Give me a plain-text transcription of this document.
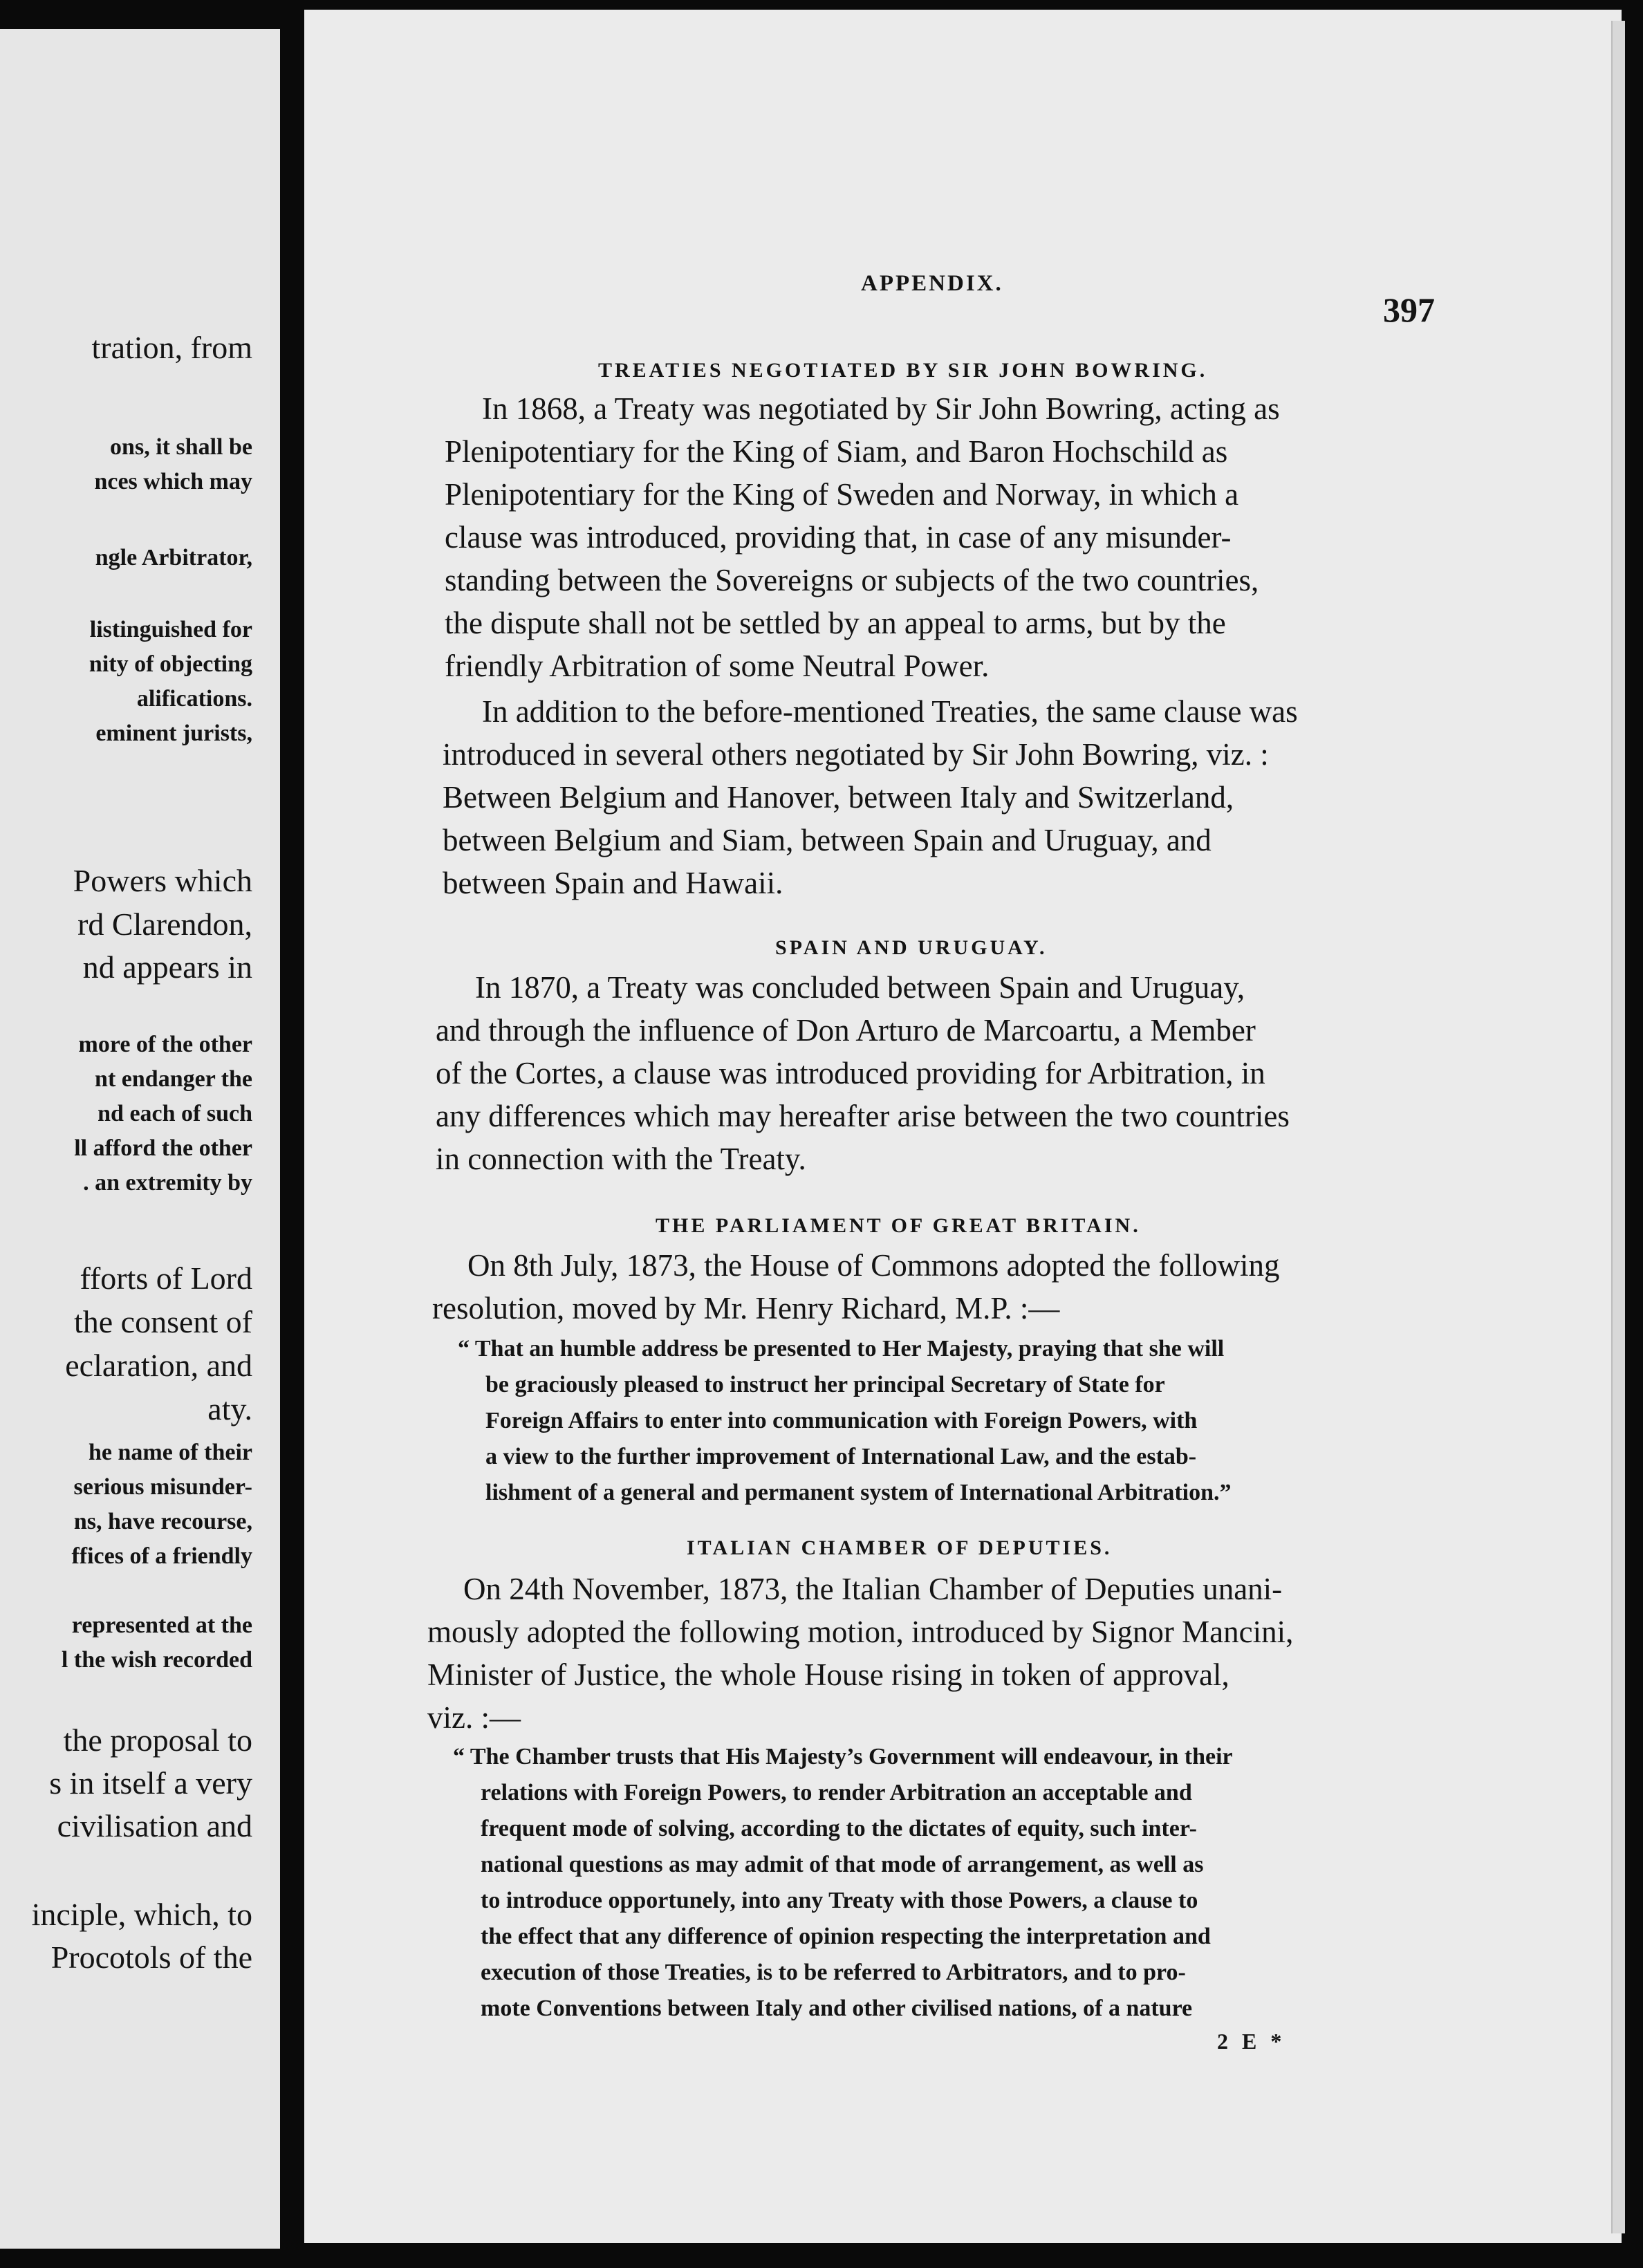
tration, from
ons, it shall be
nces which may
ngle Arbitrator,
listinguished for
nity of objecting
alifications.
eminent jurists,
Powers which
rd Clarendon,
nd appears in
more of the other
nt endanger the
nd each of such
ll afford the other
. an extremity by
fforts of Lord
the consent of
eclaration, and
aty.
he name of their
serious misunder-
ns, have recourse,
ffices of a friendly
represented at the
l the wish recorded
the proposal to
s in itself a very
civilisation and
inciple, which, to
Procotols of the
APPENDIX.
397
TREATIES NEGOTIATED BY SIR JOHN BOWRING.
In 1868, a Treaty was negotiated by Sir John Bowring, acting as
Plenipotentiary for the King of Siam, and Baron Hochschild as
Plenipotentiary for the King of Sweden and Norway, in which a
clause was introduced, providing that, in case of any misunder-
standing between the Sovereigns or subjects of the two countries,
the dispute shall not be settled by an appeal to arms, but by the
friendly Arbitration of some Neutral Power.
In addition to the before-mentioned Treaties, the same clause was
introduced in several others negotiated by Sir John Bowring, viz. :
Between Belgium and Hanover, between Italy and Switzerland,
between Belgium and Siam, between Spain and Uruguay, and
between Spain and Hawaii.
SPAIN AND URUGUAY.
In 1870, a Treaty was concluded between Spain and Uruguay,
and through the influence of Don Arturo de Marcoartu, a Member
of the Cortes, a clause was introduced providing for Arbitration, in
any differences which may hereafter arise between the two countries
in connection with the Treaty.
THE PARLIAMENT OF GREAT BRITAIN.
On 8th July, 1873, the House of Commons adopted the following
resolution, moved by Mr. Henry Richard, M.P. :—
“ That an humble address be presented to Her Majesty, praying that she will
be graciously pleased to instruct her principal Secretary of State for
Foreign Affairs to enter into communication with Foreign Powers, with
a view to the further improvement of International Law, and the estab-
lishment of a general and permanent system of International Arbitration.”
ITALIAN CHAMBER OF DEPUTIES.
On 24th November, 1873, the Italian Chamber of Deputies unani-
mously adopted the following motion, introduced by Signor Mancini,
Minister of Justice, the whole House rising in token of approval,
viz. :—
“ The Chamber trusts that His Majesty’s Government will endeavour, in their
relations with Foreign Powers, to render Arbitration an acceptable and
frequent mode of solving, according to the dictates of equity, such inter-
national questions as may admit of that mode of arrangement, as well as
to introduce opportunely, into any Treaty with those Powers, a clause to
the effect that any difference of opinion respecting the interpretation and
execution of those Treaties, is to be referred to Arbitrators, and to pro-
mote Conventions between Italy and other civilised nations, of a nature
2 E *
